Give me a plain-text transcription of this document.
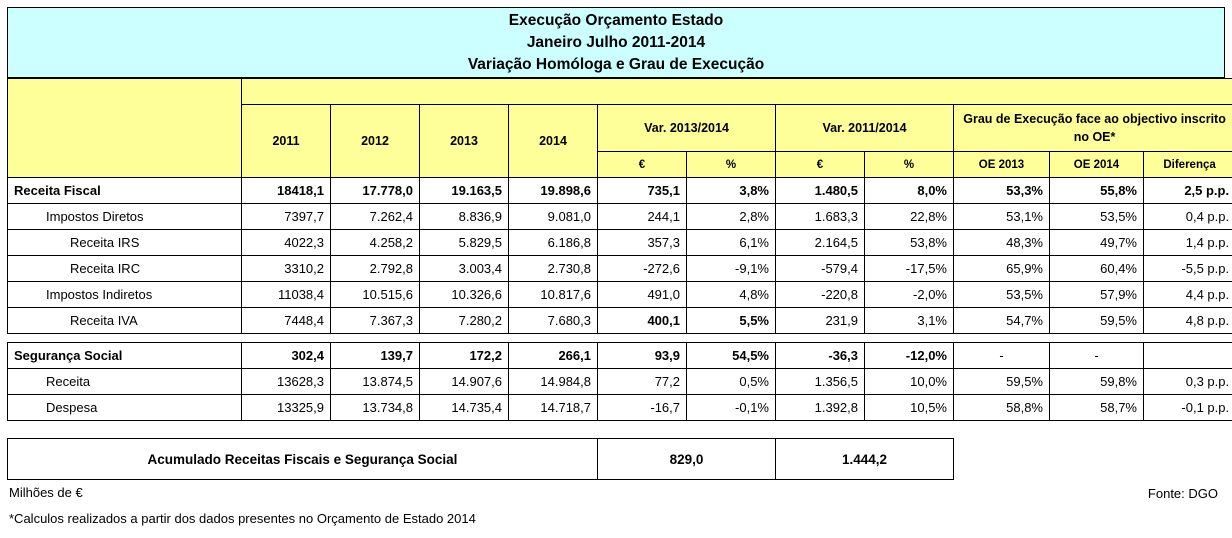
Execução Orçamento Estado
Janeiro Julho 2011-2014
Variação Homóloga e Grau de Execução

	2011	2012	2013	2014	Var. 2013/2014		Var. 2011/2014		Grau de Execução face ao objectivo inscrito no OE*		
					€	%	€	%	OE 2013	OE 2014	Diferença
Receita Fiscal	18418,1	17.778,0	19.163,5	19.898,6	735,1	3,8%	1.480,5	8,0%	53,3%	55,8%	2,5 p.p.
Impostos Diretos	7397,7	7.262,4	8.836,9	9.081,0	244,1	2,8%	1.683,3	22,8%	53,1%	53,5%	0,4 p.p.
Receita IRS	4022,3	4.258,2	5.829,5	6.186,8	357,3	6,1%	2.164,5	53,8%	48,3%	49,7%	1,4 p.p.
Receita IRC	3310,2	2.792,8	3.003,4	2.730,8	-272,6	-9,1%	-579,4	-17,5%	65,9%	60,4%	-5,5 p.p.
Impostos Indiretos	11038,4	10.515,6	10.326,6	10.817,6	491,0	4,8%	-220,8	-2,0%	53,5%	57,9%	4,4 p.p.
Receita IVA	7448,4	7.367,3	7.280,2	7.680,3	400,1	5,5%	231,9	3,1%	54,7%	59,5%	4,8 p.p.

Segurança Social	302,4	139,7	172,2	266,1	93,9	54,5%	-36,3	-12,0%	-	-	
Receita	13628,3	13.874,5	14.907,6	14.984,8	77,2	0,5%	1.356,5	10,0%	59,5%	59,8%	0,3 p.p.
Despesa	13325,9	13.734,8	14.735,4	14.718,7	-16,7	-0,1%	1.392,8	10,5%	58,8%	58,7%	-0,1 p.p.
Acumulado Receitas Fiscais e Segurança Social	829,0	1.444,2
Milhões de €	Fonte: DGO
*Calculos realizados a partir dos dados presentes no Orçamento de Estado 2014
